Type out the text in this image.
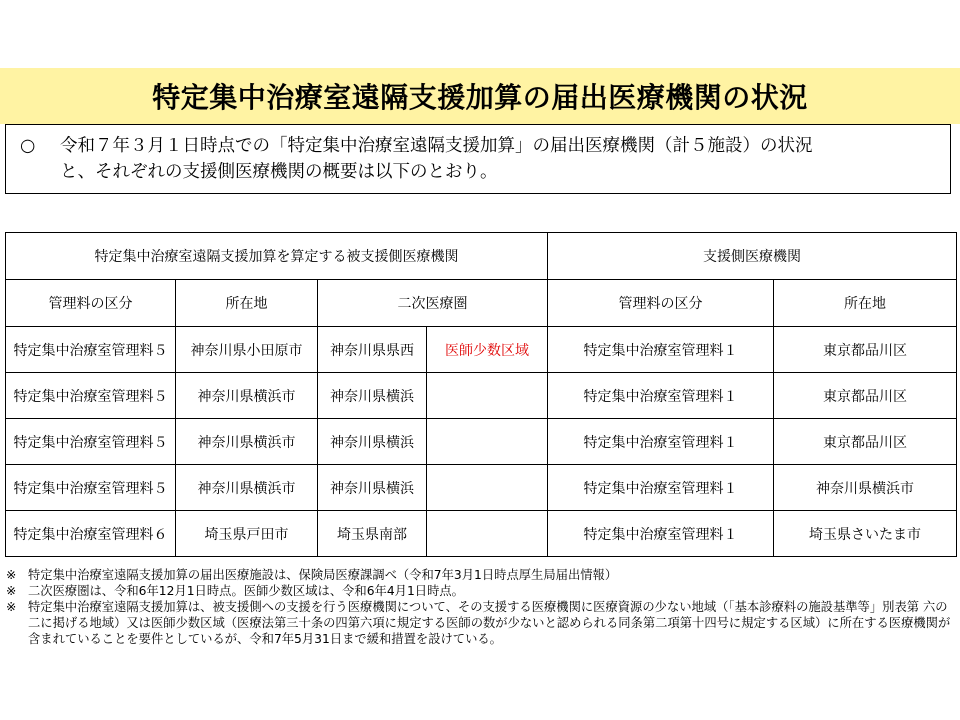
特定集中治療室遠隔支援加算の届出医療機関の状況
○ 令和７年３月１日時点での「特定集中治療室遠隔支援加算」の届出医療機関（計５施設）の状況
と、それぞれの支援側医療機関の概要は以下のとおり。
特定集中治療室遠隔支援加算を算定する被支援側医療機関				支援側医療機関	
管理料の区分	所在地	二次医療圏		管理料の区分	所在地
特定集中治療室管理料５	神奈川県小田原市	神奈川県県西	医師少数区域	特定集中治療室管理料１	東京都品川区
特定集中治療室管理料５	神奈川県横浜市	神奈川県横浜		特定集中治療室管理料１	東京都品川区
特定集中治療室管理料５	神奈川県横浜市	神奈川県横浜		特定集中治療室管理料１	東京都品川区
特定集中治療室管理料５	神奈川県横浜市	神奈川県横浜		特定集中治療室管理料１	神奈川県横浜市
特定集中治療室管理料６	埼玉県戸田市	埼玉県南部		特定集中治療室管理料１	埼玉県さいたま市
※ 特定集中治療室遠隔支援加算の届出医療施設は、保険局医療課調べ（令和7年3月1日時点厚生局届出情報）
※ 二次医療圏は、令和6年12月1日時点。医師少数区域は、令和6年4月1日時点。
※ 特定集中治療室遠隔支援加算は、被支援側への支援を行う医療機関について、その支援する医療機関に医療資源の少ない地域（「基本診療料の施設基準等」別表第 六の二に掲げる地域）又は医師少数区域（医療法第三十条の四第六項に規定する医師の数が少ないと認められる同条第二項第十四号に規定する区域）に所在する医療機関が含まれていることを要件としているが、令和7年5月31日まで緩和措置を設けている。
